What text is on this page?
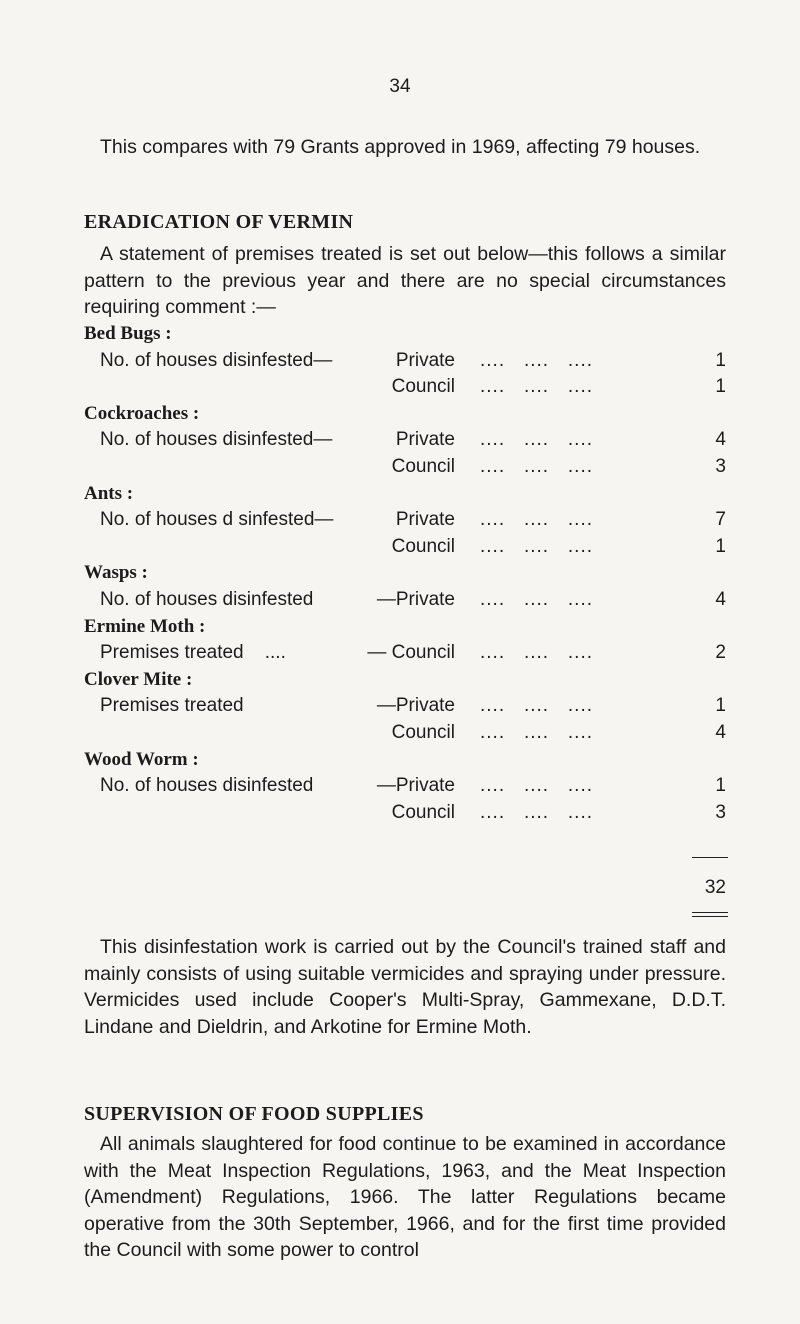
34

This compares with 79 Grants approved in 1969, affecting 79 houses.

ERADICATION OF VERMIN

A statement of premises treated is set out below—this follows a similar pattern to the previous year and there are no special circumstances requiring comment :—

Bed Bugs :
No. of houses disinfested—	Private ....   ....   ....	1
Council ....   ....   ....	1
Cockroaches :
No. of houses disinfested—	Private ....   ....   ....	4
Council ....   ....   ....	3
Ants :
No. of houses d sinfested—	Private ....   ....   ....	7
Council ....   ....   ....	1
Wasps :
No. of houses disinfested	—Private ....   ....   ....	4
Ermine Moth :
Premises treated    ....	— Council ....   ....   ....	2
Clover Mite :
Premises treated	—Private ....   ....   ....	1
Council ....   ....   ....	4
Wood Worm :
No. of houses disinfested	—Private ....   ....   ....	1
Council ....   ....   ....	3
32

This disinfestation work is carried out by the Council's trained staff and mainly consists of using suitable vermicides and spraying under pressure. Vermicides used include Cooper's Multi-Spray, Gammexane, D.D.T. Lindane and Dieldrin, and Arkotine for Ermine Moth.

SUPERVISION OF FOOD SUPPLIES

All animals slaughtered for food continue to be examined in accordance with the Meat Inspection Regulations, 1963, and the Meat Inspection (Amendment) Regulations, 1966. The latter Regulations became operative from the 30th September, 1966, and for the first time provided the Council with some power to control
